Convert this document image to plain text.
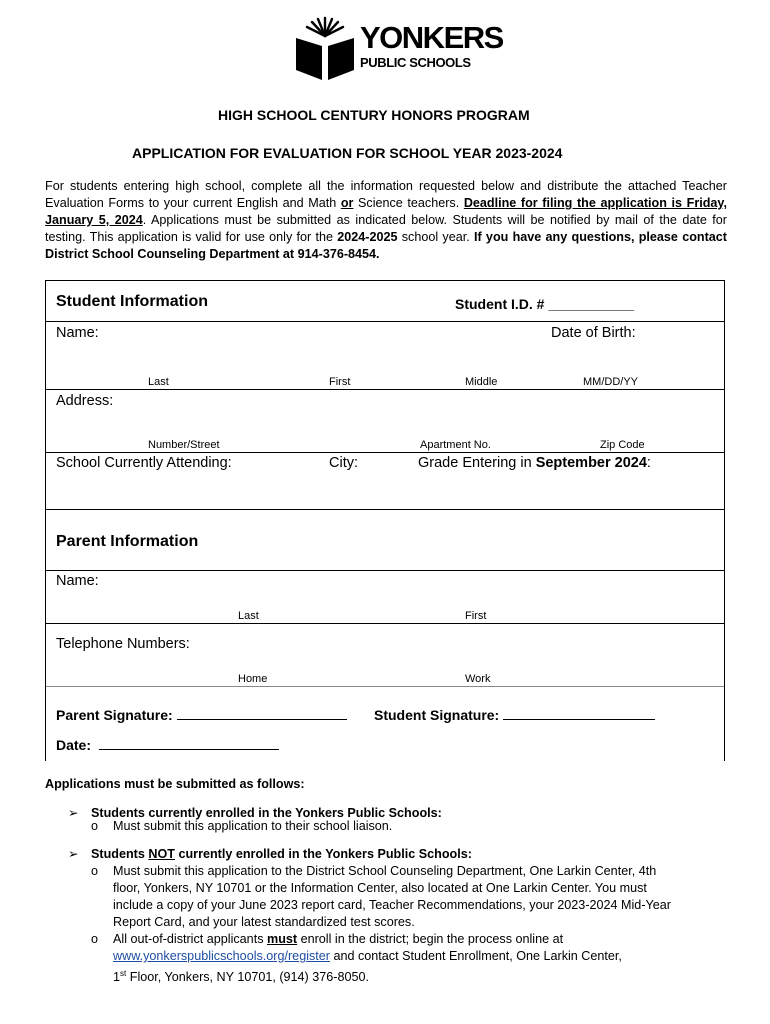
YONKERS
PUBLIC SCHOOLS
HIGH SCHOOL CENTURY HONORS PROGRAM
APPLICATION FOR EVALUATION FOR SCHOOL YEAR 2023-2024
For students entering high school, complete all the information requested below and distribute the attached Teacher Evaluation Forms to your current English and Math or Science teachers. Deadline for filing the application is Friday, January 5, 2024. Applications must be submitted as indicated below. Students will be notified by mail of the date for testing. This application is valid for use only for the 2024-2025 school year. If you have any questions, please contact District School Counseling Department at 914-376-8454.
Student Information	Student I.D. # ___________
Name:	Date of Birth:
Last	First	Middle	MM/DD/YY
Address:
Number/Street	Apartment No.	Zip Code
School Currently Attending:	City:	Grade Entering in September 2024:
Parent Information
Name:
Last	First
Telephone Numbers:
Home	Work
Parent Signature:	Student Signature:
Date:
Applications must be submitted as follows:
➢ Students currently enrolled in the Yonkers Public Schools:
o Must submit this application to their school liaison.
➢ Students NOT currently enrolled in the Yonkers Public Schools:
o Must submit this application to the District School Counseling Department, One Larkin Center, 4th
floor, Yonkers, NY 10701 or the Information Center, also located at One Larkin Center. You must
include a copy of your June 2023 report card, Teacher Recommendations, your 2023-2024 Mid-Year
Report Card, and your latest standardized test scores.
o All out-of-district applicants must enroll in the district; begin the process online at
www.yonkerspublicschools.org/register and contact Student Enrollment, One Larkin Center,
1st Floor, Yonkers, NY 10701, (914) 376-8050.
